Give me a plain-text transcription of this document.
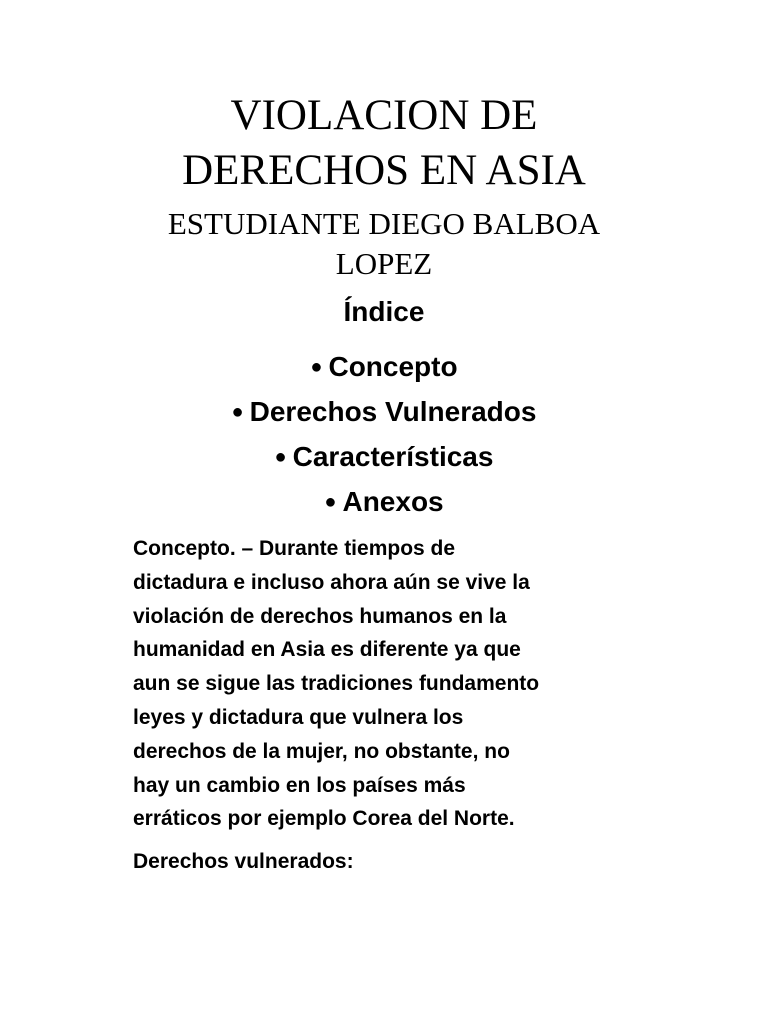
VIOLACION DE
DERECHOS EN ASIA
ESTUDIANTE DIEGO BALBOA
LOPEZ
Índice
● Concepto
● Derechos Vulnerados
● Características
● Anexos

Concepto. – Durante tiempos de
dictadura e incluso ahora aún se vive la
violación de derechos humanos en la
humanidad en Asia es diferente ya que
aun se sigue las tradiciones fundamento
leyes y dictadura que vulnera los
derechos de la mujer, no obstante, no
hay un cambio en los países más
erráticos por ejemplo Corea del Norte.

Derechos vulnerados:
